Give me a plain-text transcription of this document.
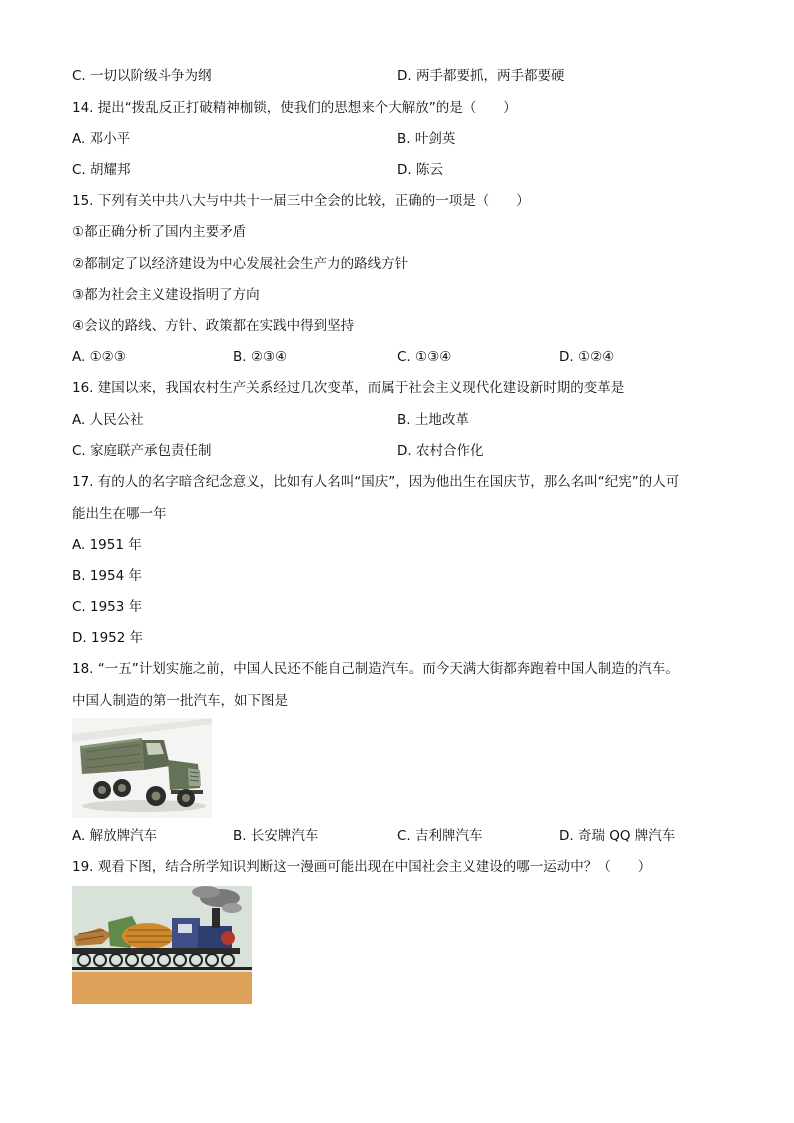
C. 一切以阶级斗争为纲	D. 两手都要抓，两手都要硬
14. 提出“拨乱反正打破精神枷锁，使我们的思想来个大解放”的是（　　）
A. 邓小平	B. 叶剑英
C. 胡耀邦	D. 陈云
15. 下列有关中共八大与中共十一届三中全会的比较，正确的一项是（　　）
①都正确分析了国内主要矛盾
②都制定了以经济建设为中心发展社会生产力的路线方针
③都为社会主义建设指明了方向
④会议的路线、方针、政策都在实践中得到坚持
A. ①②③	B. ②③④	C. ①③④	D. ①②④
16. 建国以来，我国农村生产关系经过几次变革，而属于社会主义现代化建设新时期的变革是
A. 人民公社	B. 土地改革
C. 家庭联产承包责任制	D. 农村合作化
17. 有的人的名字暗含纪念意义，比如有人名叫“国庆”，因为他出生在国庆节，那么名叫“纪宪”的人可
能出生在哪一年
A. 1951 年
B. 1954 年
C. 1953 年
D. 1952 年
18. “一五”计划实施之前，中国人民还不能自己制造汽车。而今天满大街都奔跑着中国人制造的汽车。
中国人制造的第一批汽车，如下图是
A. 解放牌汽车	B. 长安牌汽车	C. 吉利牌汽车	D. 奇瑞 QQ 牌汽车
19. 观看下图，结合所学知识判断这一漫画可能出现在中国社会主义建设的哪一运动中？（　　）
